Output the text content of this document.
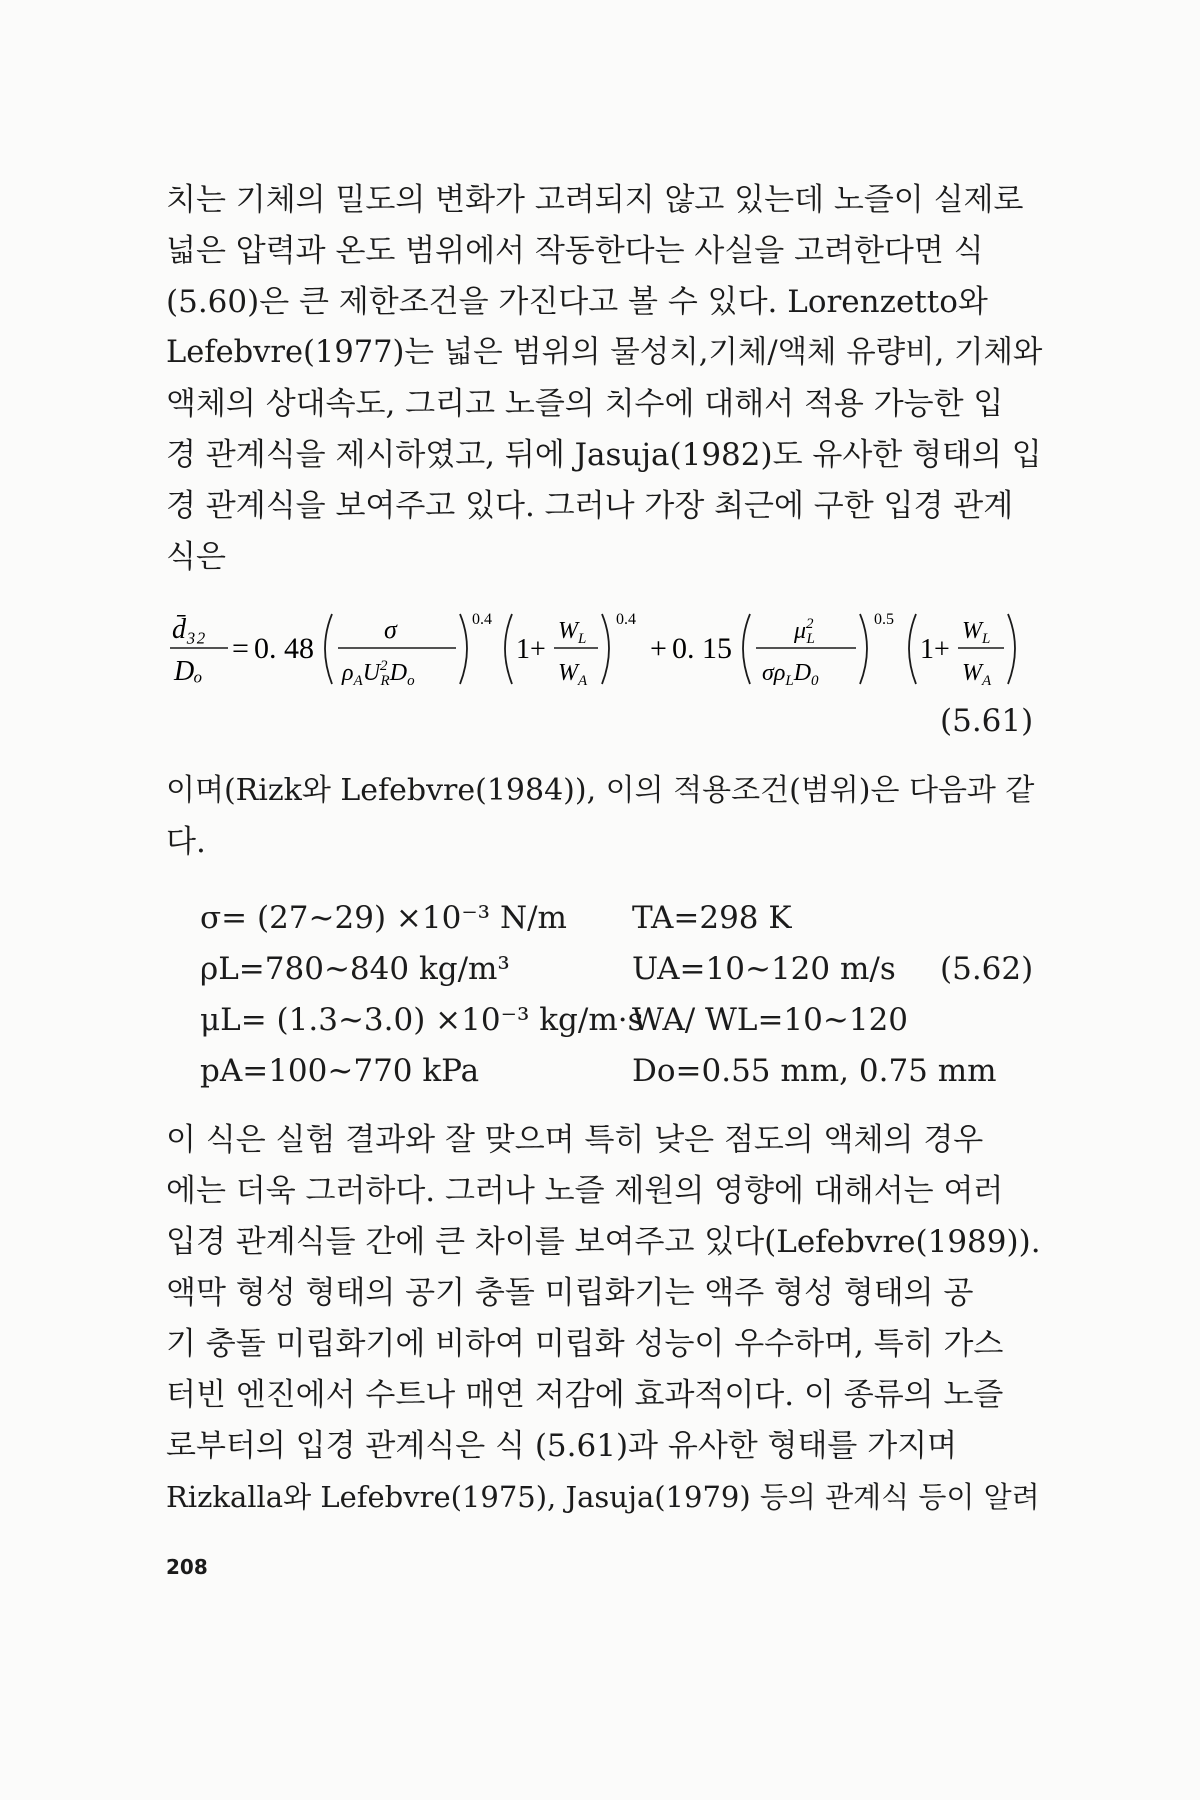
치는 기체의 밀도의 변화가 고려되지 않고 있는데 노즐이 실제로
넓은 압력과 온도 범위에서 작동한다는 사실을 고려한다면 식
(5.60)은 큰 제한조건을 가진다고 볼 수 있다. Lorenzetto와
Lefebvre(1977)는 넓은 범위의 물성치,기체/액체 유량비, 기체와
액체의 상대속도, 그리고 노즐의 치수에 대해서 적용 가능한 입
경 관계식을 제시하였고, 뒤에 Jasuja(1982)도 유사한 형태의 입
경 관계식을 보여주고 있다. 그러나 가장 최근에 구한 입경 관계
식은
d̄₃₂
Dₒ
= 0. 48
σ
$\rho_AU^2$ $RD_o$
0.4
1+
$W_L$
$W_A$
0.4
+ 0. 15
$\mu^2$ L
$\sigma\rho_LD_0$
0.5
1+
$W_L$
$W_A$
(5.61)
이며(Rizk와 Lefebvre(1984)), 이의 적용조건(범위)은 다음과 같
다.
σ= (27~29) ×10⁻³ N/m
ρL=780~840 kg/m³
μL= (1.3~3.0) ×10⁻³ kg/m·s
pA=100~770 kPa
TA=298 K
UA=10~120 m/s
WA/ WL=10~120
Do=0.55 mm, 0.75 mm
(5.62)
이 식은 실험 결과와 잘 맞으며 특히 낮은 점도의 액체의 경우
에는 더욱 그러하다. 그러나 노즐 제원의 영향에 대해서는 여러
입경 관계식들 간에 큰 차이를 보여주고 있다(Lefebvre(1989)).
액막 형성 형태의 공기 충돌 미립화기는 액주 형성 형태의 공
기 충돌 미립화기에 비하여 미립화 성능이 우수하며, 특히 가스
터빈 엔진에서 수트나 매연 저감에 효과적이다. 이 종류의 노즐
로부터의 입경 관계식은 식 (5.61)과 유사한 형태를 가지며
Rizkalla와 Lefebvre(1975), Jasuja(1979) 등의 관계식 등이 알려
208
